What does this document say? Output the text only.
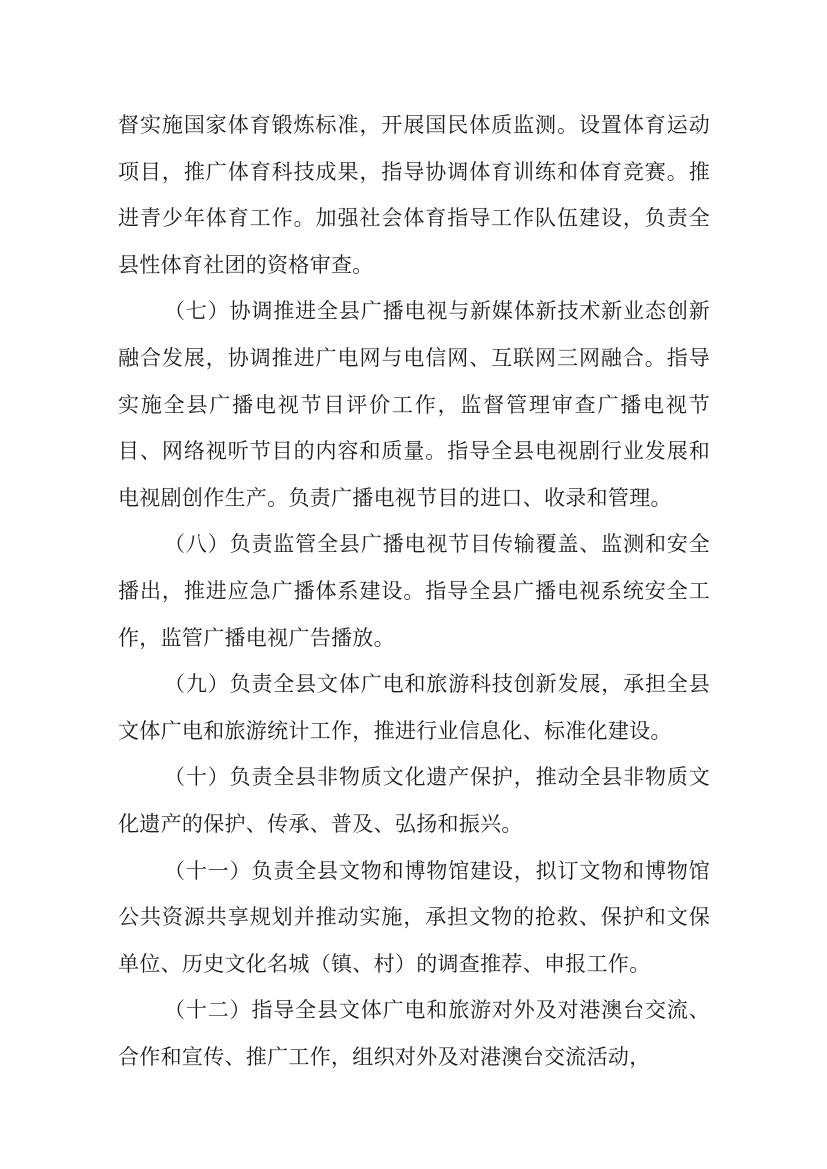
督实施国家体育锻炼标准，开展国民体质监测。设置体育运动项目，推广体育科技成果，指导协调体育训练和体育竞赛。推进青少年体育工作。加强社会体育指导工作队伍建设，负责全县性体育社团的资格审查。

（七）协调推进全县广播电视与新媒体新技术新业态创新融合发展，协调推进广电网与电信网、互联网三网融合。指导实施全县广播电视节目评价工作，监督管理审查广播电视节目、网络视听节目的内容和质量。指导全县电视剧行业发展和电视剧创作生产。负责广播电视节目的进口、收录和管理。

（八）负责监管全县广播电视节目传输覆盖、监测和安全播出，推进应急广播体系建设。指导全县广播电视系统安全工作，监管广播电视广告播放。

（九）负责全县文体广电和旅游科技创新发展，承担全县文体广电和旅游统计工作，推进行业信息化、标准化建设。

（十）负责全县非物质文化遗产保护，推动全县非物质文化遗产的保护、传承、普及、弘扬和振兴。

（十一）负责全县文物和博物馆建设，拟订文物和博物馆公共资源共享规划并推动实施，承担文物的抢救、保护和文保单位、历史文化名城（镇、村）的调查推荐、申报工作。

（十二）指导全县文体广电和旅游对外及对港澳台交流、合作和宣传、推广工作，组织对外及对港澳台交流活动，
